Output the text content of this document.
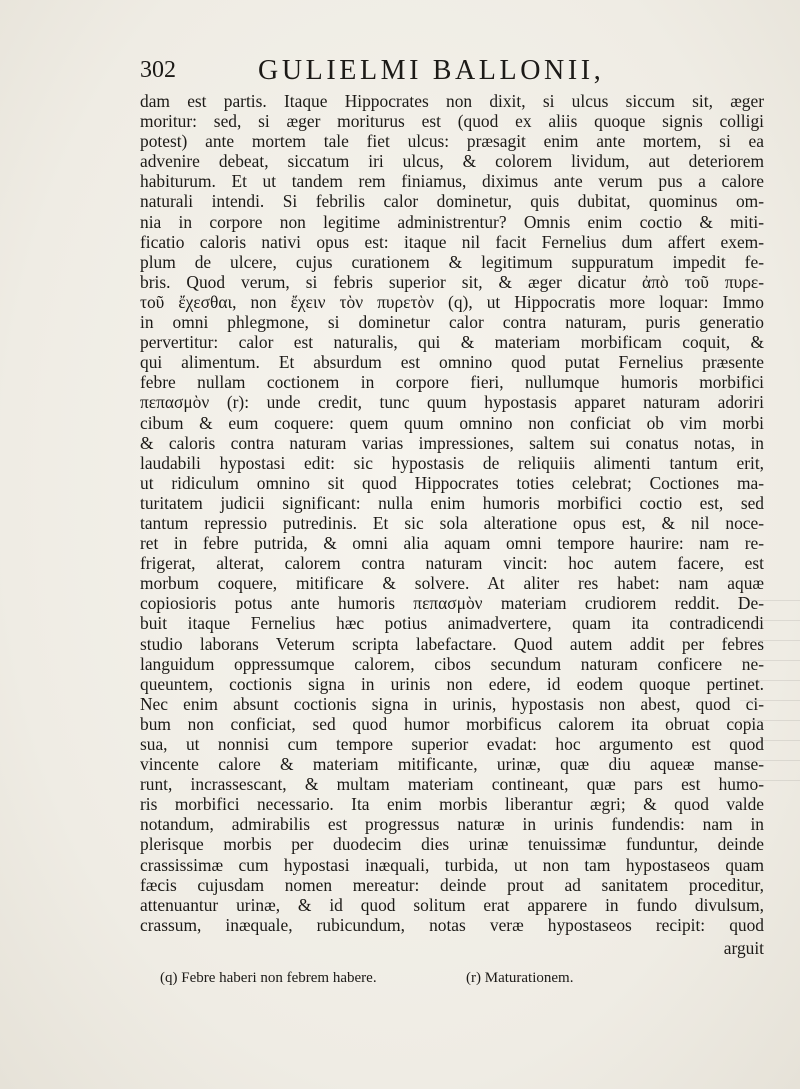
302	GULIELMI BALLONII,
dam est partis. Itaque Hippocrates non dixit, si ulcus siccum sit, æger
moritur: sed, si æger moriturus est (quod ex aliis quoque signis colligi
potest) ante mortem tale fiet ulcus: præsagit enim ante mortem, si ea
advenire debeat, siccatum iri ulcus, & colorem lividum, aut deteriorem
habiturum. Et ut tandem rem finiamus, diximus ante verum pus a calore
naturali intendi. Si febrilis calor dominetur, quis dubitat, quominus om-
nia in corpore non legitime administrentur? Omnis enim coctio & miti-
ficatio caloris nativi opus est: itaque nil facit Fernelius dum affert exem-
plum de ulcere, cujus curationem & legitimum suppuratum impedit fe-
bris. Quod verum, si febris superior sit, & æger dicatur ἀπὸ τοῦ πυρε-
τοῦ ἔχεσθαι, non ἔχειν τὸν πυρετὸν (q), ut Hippocratis more loquar: Immo
in omni phlegmone, si dominetur calor contra naturam, puris generatio
pervertitur: calor est naturalis, qui & materiam morbificam coquit, &
qui alimentum. Et absurdum est omnino quod putat Fernelius præsente
febre nullam coctionem in corpore fieri, nullumque humoris morbifici
πεπασμὸν (r): unde credit, tunc quum hypostasis apparet naturam adoriri
cibum & eum coquere: quem quum omnino non conficiat ob vim morbi
& caloris contra naturam varias impressiones, saltem sui conatus notas, in
laudabili hypostasi edit: sic hypostasis de reliquiis alimenti tantum erit,
ut ridiculum omnino sit quod Hippocrates toties celebrat; Coctiones ma-
turitatem judicii significant: nulla enim humoris morbifici coctio est, sed
tantum repressio putredinis. Et sic sola alteratione opus est, & nil noce-
ret in febre putrida, & omni alia aquam omni tempore haurire: nam re-
frigerat, alterat, calorem contra naturam vincit: hoc autem facere, est
morbum coquere, mitificare & solvere. At aliter res habet: nam aquæ
copiosioris potus ante humoris πεπασμὸν materiam crudiorem reddit. De-
buit itaque Fernelius hæc potius animadvertere, quam ita contradicendi
studio laborans Veterum scripta labefactare. Quod autem addit per febres
languidum oppressumque calorem, cibos secundum naturam conficere ne-
queuntem, coctionis signa in urinis non edere, id eodem quoque pertinet.
Nec enim absunt coctionis signa in urinis, hypostasis non abest, quod ci-
bum non conficiat, sed quod humor morbificus calorem ita obruat copia
sua, ut nonnisi cum tempore superior evadat: hoc argumento est quod
vincente calore & materiam mitificante, urinæ, quæ diu aqueæ manse-
runt, incrassescant, & multam materiam contineant, quæ pars est humo-
ris morbifici necessario. Ita enim morbis liberantur ægri; & quod valde
notandum, admirabilis est progressus naturæ in urinis fundendis: nam in
plerisque morbis per duodecim dies urinæ tenuissimæ funduntur, deinde
crassissimæ cum hypostasi inæquali, turbida, ut non tam hypostaseos quam
fæcis cujusdam nomen mereatur: deinde prout ad sanitatem proceditur,
attenuantur urinæ, & id quod solitum erat apparere in fundo divulsum,
crassum, inæquale, rubicundum, notas veræ hypostaseos recipit: quod
arguit
(q) Febre haberi non febrem habere.	(r) Maturationem.
